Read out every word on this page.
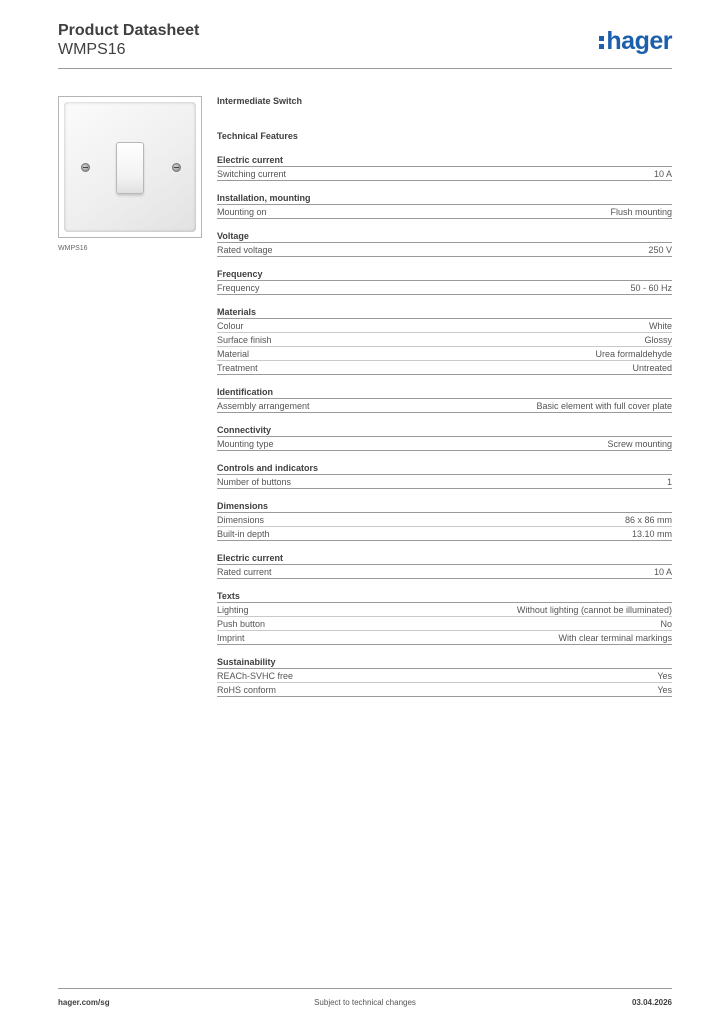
Product Datasheet
WMPS16	hager
WMPS16
Intermediate Switch
Technical Features
Electric current
Switching current	10 A
Installation, mounting
Mounting on	Flush mounting
Voltage
Rated voltage	250 V
Frequency
Frequency	50 - 60 Hz
Materials
Colour	White
Surface finish	Glossy
Material	Urea formaldehyde
Treatment	Untreated
Identification
Assembly arrangement	Basic element with full cover plate
Connectivity
Mounting type	Screw mounting
Controls and indicators
Number of buttons	1
Dimensions
Dimensions	86 x 86 mm
Built-in depth	13.10 mm
Electric current
Rated current	10 A
Texts
Lighting	Without lighting (cannot be illuminated)
Push button	No
Imprint	With clear terminal markings
Sustainability
REACh-SVHC free	Yes
RoHS conform	Yes
hager.com/sg	Subject to technical changes	03.04.2026
